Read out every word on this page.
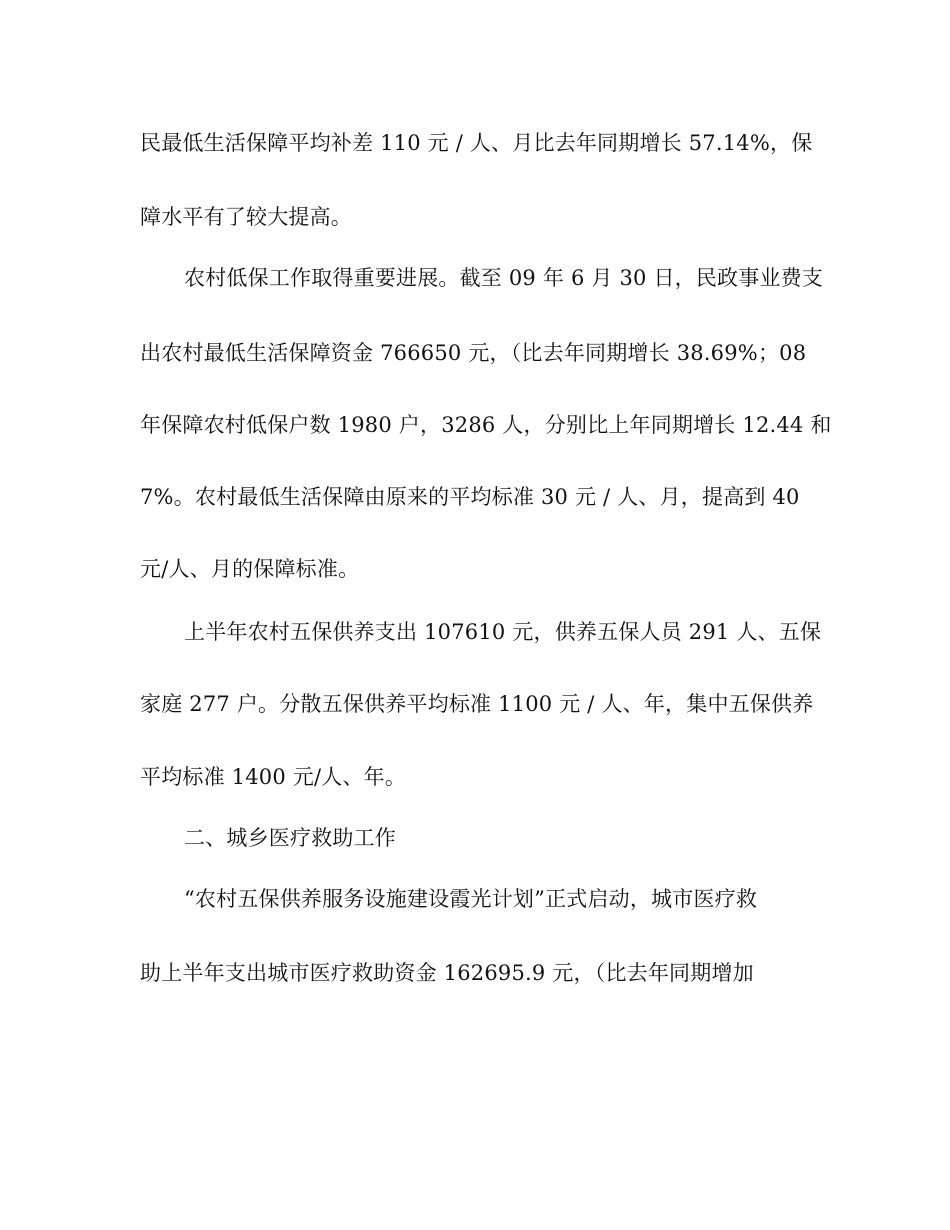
民最低生活保障平均补差 110 元 / 人、月比去年同期增长 57.14%，保
障水平有了较大提高。
农村低保工作取得重要进展。截至 09 年 6 月 30 日，民政事业费支
出农村最低生活保障资金 766650 元，（比去年同期增长 38.69%；08
年保障农村低保户数 1980 户，3286 人，分别比上年同期增长 12.44 和
7%。农村最低生活保障由原来的平均标准 30 元 / 人、月，提高到 40
元/人、月的保障标准。
上半年农村五保供养支出 107610 元，供养五保人员 291 人、五保
家庭 277 户。分散五保供养平均标准 1100 元 / 人、年，集中五保供养
平均标准 1400 元/人、年。
二、城乡医疗救助工作
“农村五保供养服务设施建设霞光计划”正式启动，城市医疗救
助上半年支出城市医疗救助资金 162695.9 元，（比去年同期增加
